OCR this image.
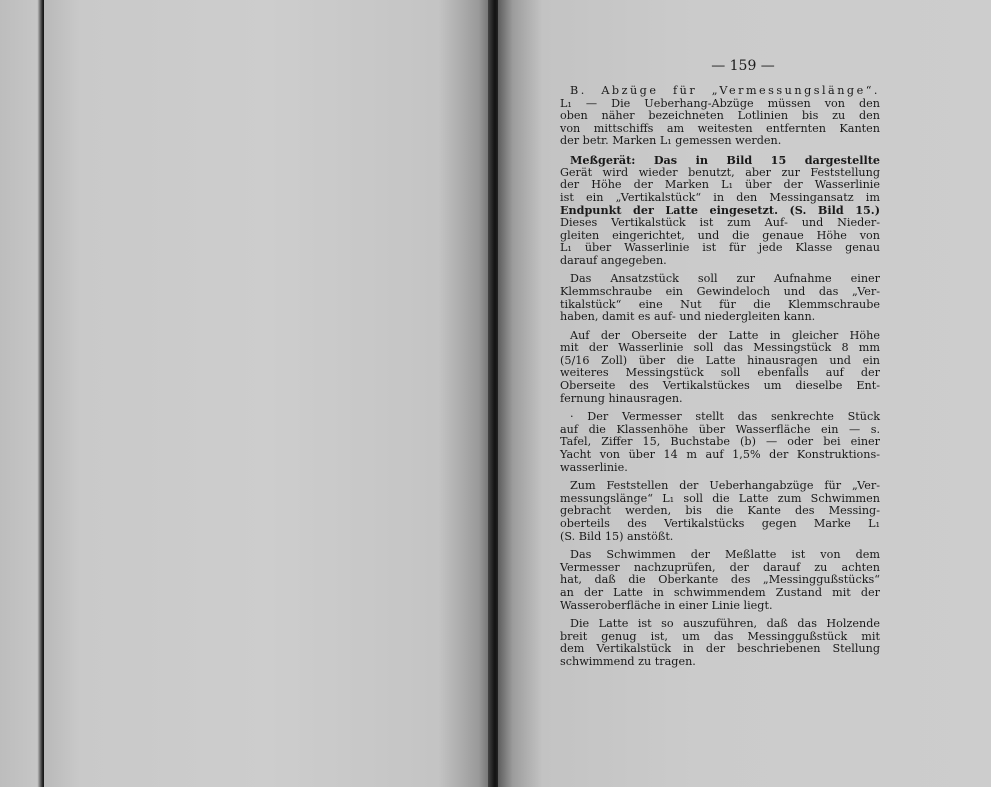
— 159 —

B. Abzüge für „Vermessungslänge“.
L₁ — Die Ueberhang‑Abzüge müssen von den
oben näher bezeichneten Lotlinien bis zu den
von mittschiffs am weitesten entfernten Kanten
der betr. Marken L₁ gemessen werden.

Meßgerät: Das in Bild 15 dargestellte
Gerät wird wieder benutzt, aber zur Feststellung
der Höhe der Marken L₁ über der Wasserlinie
ist ein „Vertikalstück“ in den Messingansatz im
Endpunkt der Latte eingesetzt. (S. Bild 15.)
Dieses Vertikalstück ist zum Auf‑ und Nieder‑
gleiten eingerichtet, und die genaue Höhe von
L₁ über Wasserlinie ist für jede Klasse genau
darauf angegeben.

Das Ansatzstück soll zur Aufnahme einer
Klemmschraube ein Gewindeloch und das „Ver‑
tikalstück“ eine Nut für die Klemmschraube
haben, damit es auf‑ und niedergleiten kann.

Auf der Oberseite der Latte in gleicher Höhe
mit der Wasserlinie soll das Messingstück 8 mm
(5/16 Zoll) über die Latte hinausragen und ein
weiteres Messingstück soll ebenfalls auf der
Oberseite des Vertikalstückes um dieselbe Ent‑
fernung hinausragen.

· Der Vermesser stellt das senkrechte Stück
auf die Klassenhöhe über Wasserfläche ein — s.
Tafel, Ziffer 15, Buchstabe (b) — oder bei einer
Yacht von über 14 m auf 1,5% der Konstruktions‑
wasserlinie.

Zum Feststellen der Ueberhangabzüge für „Ver‑
messungslänge“ L₁ soll die Latte zum Schwimmen
gebracht werden, bis die Kante des Messing‑
oberteils des Vertikalstücks gegen Marke L₁
(S. Bild 15) anstößt.

Das Schwimmen der Meßlatte ist von dem
Vermesser nachzuprüfen, der darauf zu achten
hat, daß die Oberkante des „Messinggußstücks“
an der Latte in schwimmendem Zustand mit der
Wasseroberfläche in einer Linie liegt.

Die Latte ist so auszuführen, daß das Holzende
breit genug ist, um das Messinggußstück mit
dem Vertikalstück in der beschriebenen Stellung
schwimmend zu tragen.
